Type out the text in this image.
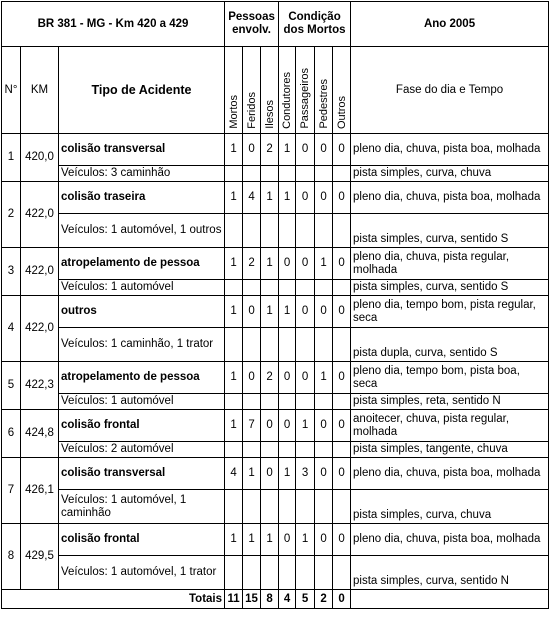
BR 381 - MG - Km 420 a 429			Pessoas envolv.			Condição dos Mortos				Ano 2005
N°	KM	Tipo de Acidente	Mortos	Feridos	Ilesos	Condutores	Passageiros	Pedestres	Outros	Fase do dia e Tempo
1	420,0	colisão transversal	1	0	2	1	0	0	0	pleno dia, chuva, pista boa, molhada
		Veículos: 3 caminhão								pista simples, curva, chuva
2	422,0	colisão traseira	1	4	1	1	0	0	0	pleno dia, chuva, pista boa, molhada
		Veículos: 1 automóvel, 1 outros								pista simples, curva, sentido S
3	422,0	atropelamento de pessoa	1	2	1	0	0	1	0	pleno dia, chuva, pista regular, molhada
		Veículos: 1 automóvel								pista simples, curva, sentido S
4	422,0	outros	1	0	1	1	0	0	0	pleno dia, tempo bom, pista regular, seca
		Veículos: 1 caminhão, 1 trator								pista dupla, curva, sentido S
5	422,3	atropelamento de pessoa	1	0	2	0	0	1	0	pleno dia, tempo bom, pista boa, seca
		Veículos: 1 automóvel								pista simples, reta, sentido N
6	424,8	colisão frontal	1	7	0	0	1	0	0	anoitecer, chuva, pista regular, molhada
		Veículos: 2 automóvel								pista simples, tangente, chuva
7	426,1	colisão transversal	4	1	0	1	3	0	0	pleno dia, chuva, pista boa, molhada
		Veículos: 1 automóvel, 1 caminhão								pista simples, curva, chuva
8	429,5	colisão frontal	1	1	1	0	1	0	0	pleno dia, chuva, pista boa, molhada
		Veículos: 1 automóvel, 1 trator								pista simples, curva, sentido N
		Totais	11	15	8	4	5	2	0	
